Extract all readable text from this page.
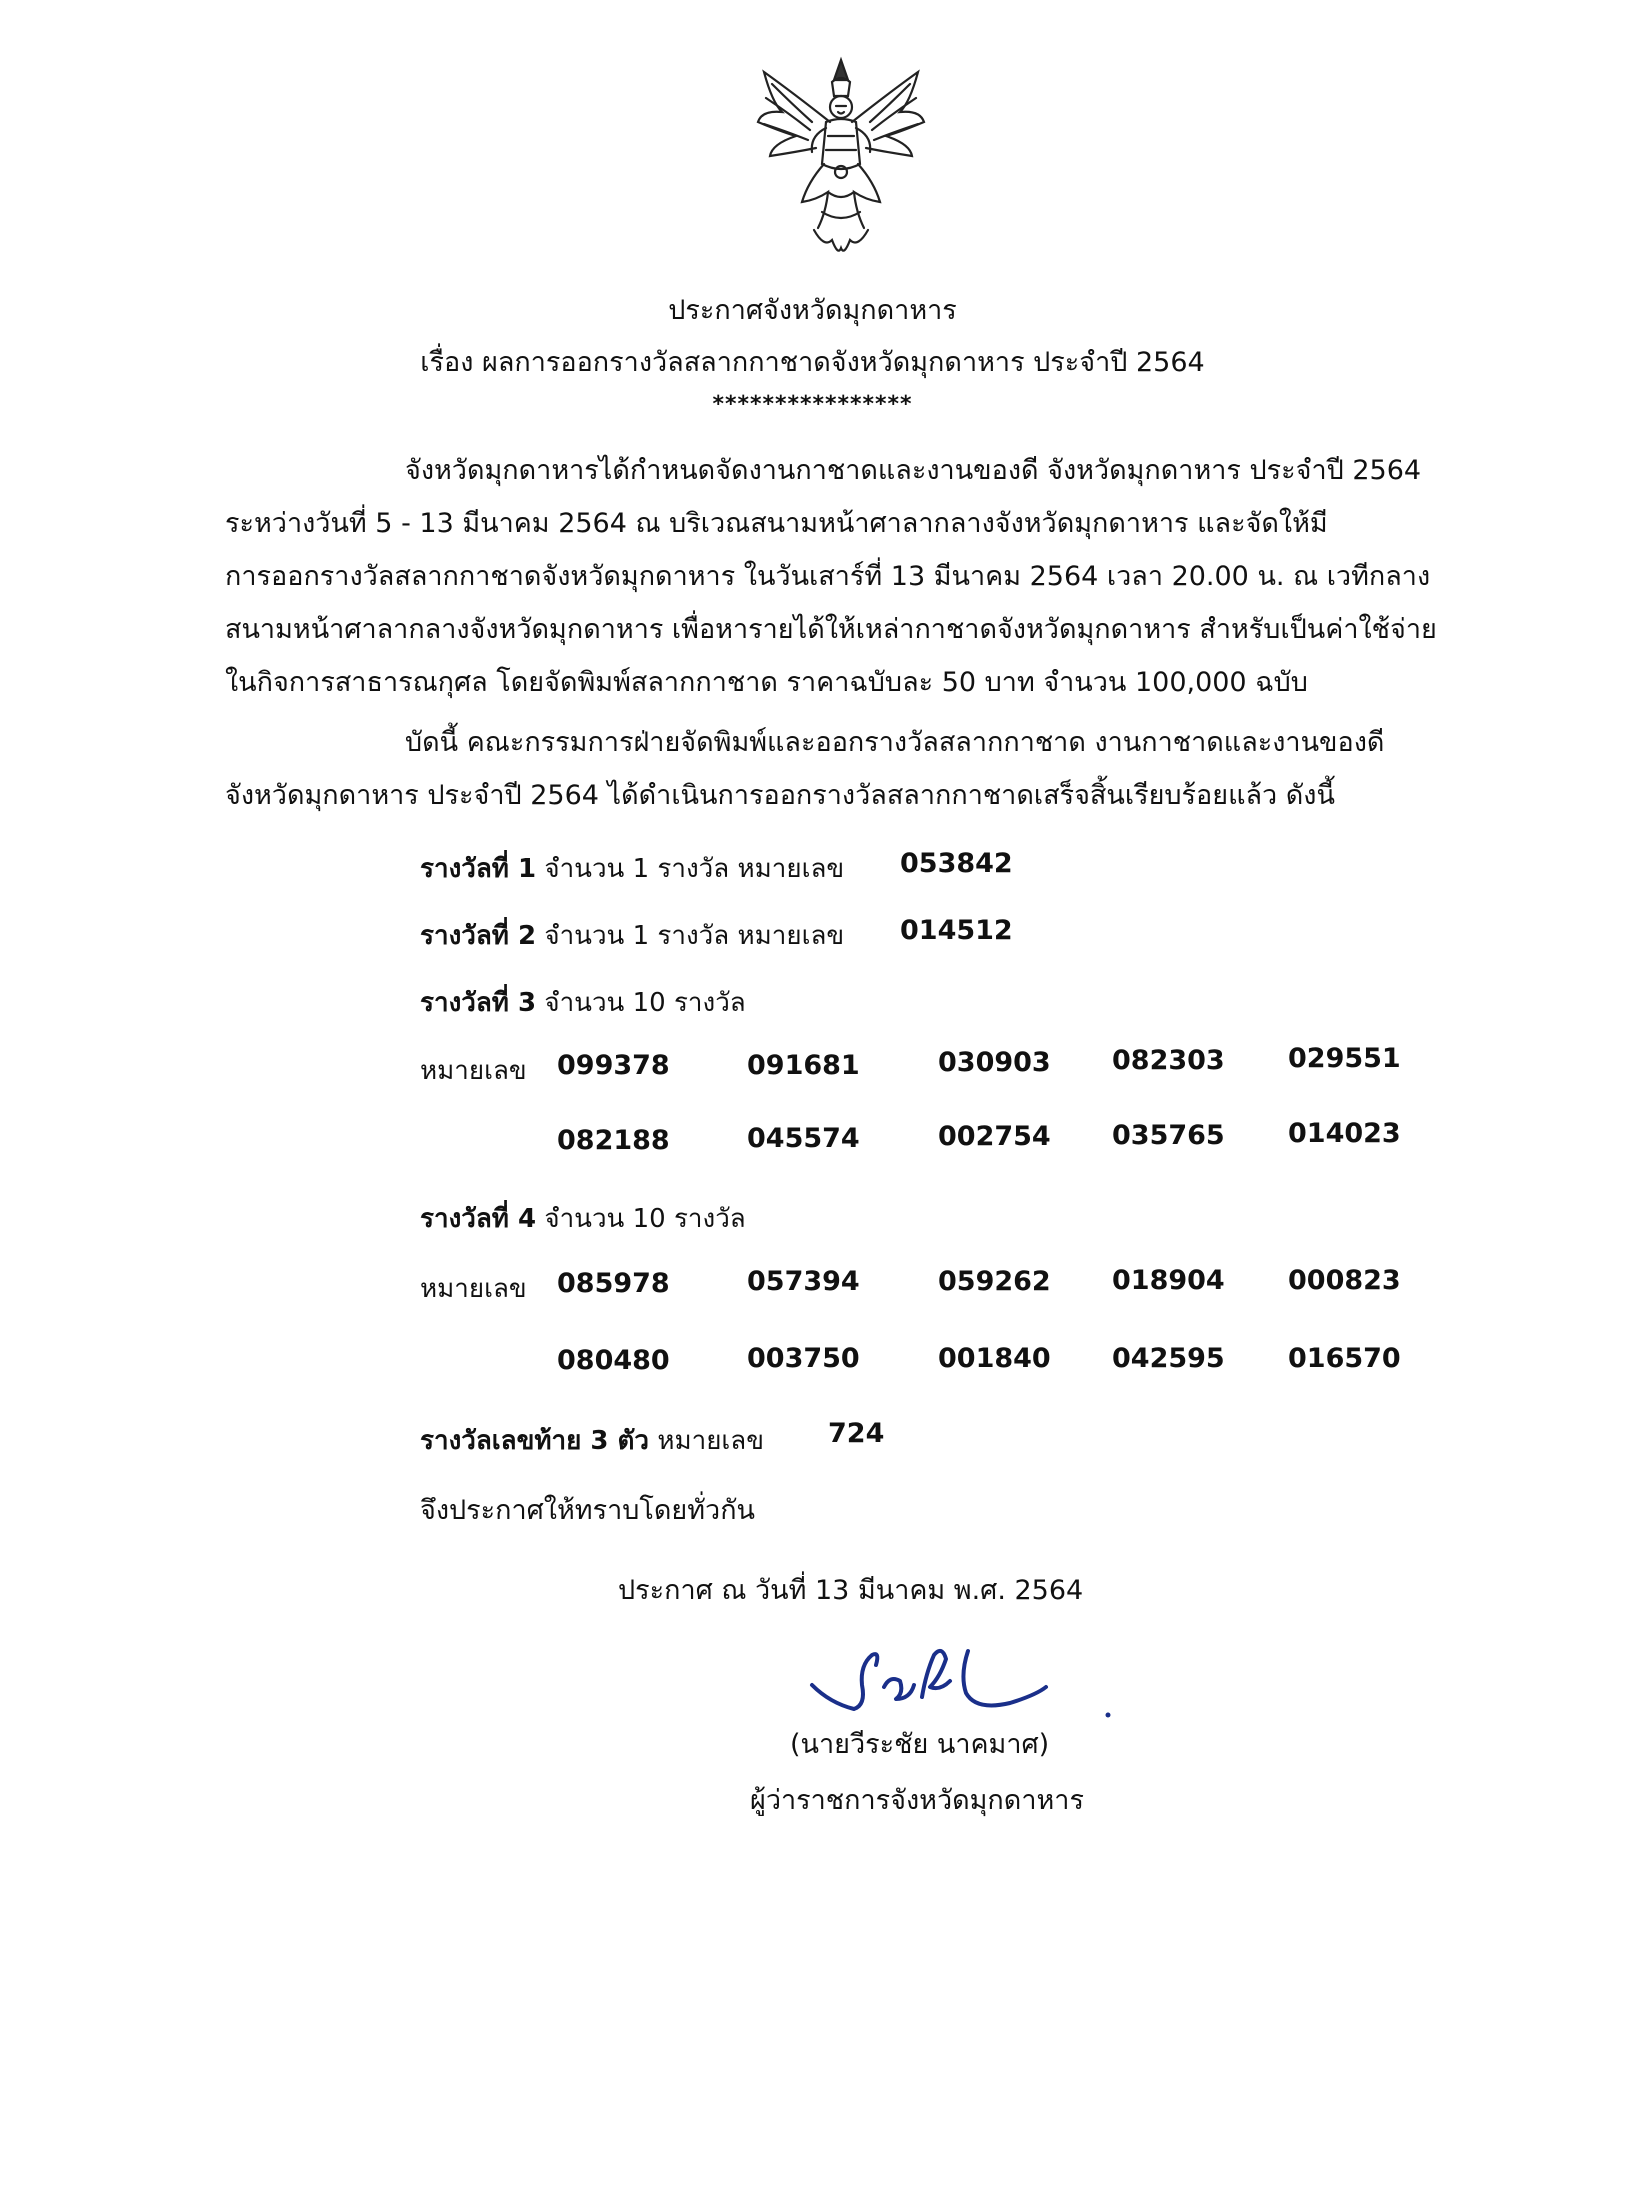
ประกาศจังหวัดมุกดาหาร
เรื่อง ผลการออกรางวัลสลากกาชาดจังหวัดมุกดาหาร ประจำปี 2564
****************
จังหวัดมุกดาหารได้กำหนดจัดงานกาชาดและงานของดี จังหวัดมุกดาหาร ประจำปี 2564
ระหว่างวันที่ 5 - 13 มีนาคม 2564 ณ บริเวณสนามหน้าศาลากลางจังหวัดมุกดาหาร และจัดให้มี
การออกรางวัลสลากกาชาดจังหวัดมุกดาหาร ในวันเสาร์ที่ 13 มีนาคม 2564 เวลา 20.00 น. ณ เวทีกลาง
สนามหน้าศาลากลางจังหวัดมุกดาหาร เพื่อหารายได้ให้เหล่ากาชาดจังหวัดมุกดาหาร สำหรับเป็นค่าใช้จ่าย
ในกิจการสาธารณกุศล โดยจัดพิมพ์สลากกาชาด ราคาฉบับละ 50 บาท จำนวน 100,000 ฉบับ
บัดนี้ คณะกรรมการฝ่ายจัดพิมพ์และออกรางวัลสลากกาชาด งานกาชาดและงานของดี
จังหวัดมุกดาหาร ประจำปี 2564 ได้ดำเนินการออกรางวัลสลากกาชาดเสร็จสิ้นเรียบร้อยแล้ว ดังนี้
รางวัลที่ 1 จำนวน 1 รางวัล หมายเลข 053842
รางวัลที่ 2 จำนวน 1 รางวัล หมายเลข 014512
รางวัลที่ 3 จำนวน 10 รางวัล
หมายเลข 099378	091681	030903 082303 029551
082188	045574	002754 035765 014023
รางวัลที่ 4 จำนวน 10 รางวัล
หมายเลข 085978	057394	059262 018904 000823
080480	003750	001840 042595 016570
รางวัลเลขท้าย 3 ตัว หมายเลข 724
จึงประกาศให้ทราบโดยทั่วกัน
ประกาศ ณ วันที่ 13 มีนาคม พ.ศ. 2564
(นายวีระชัย นาคมาศ)
ผู้ว่าราชการจังหวัดมุกดาหาร
